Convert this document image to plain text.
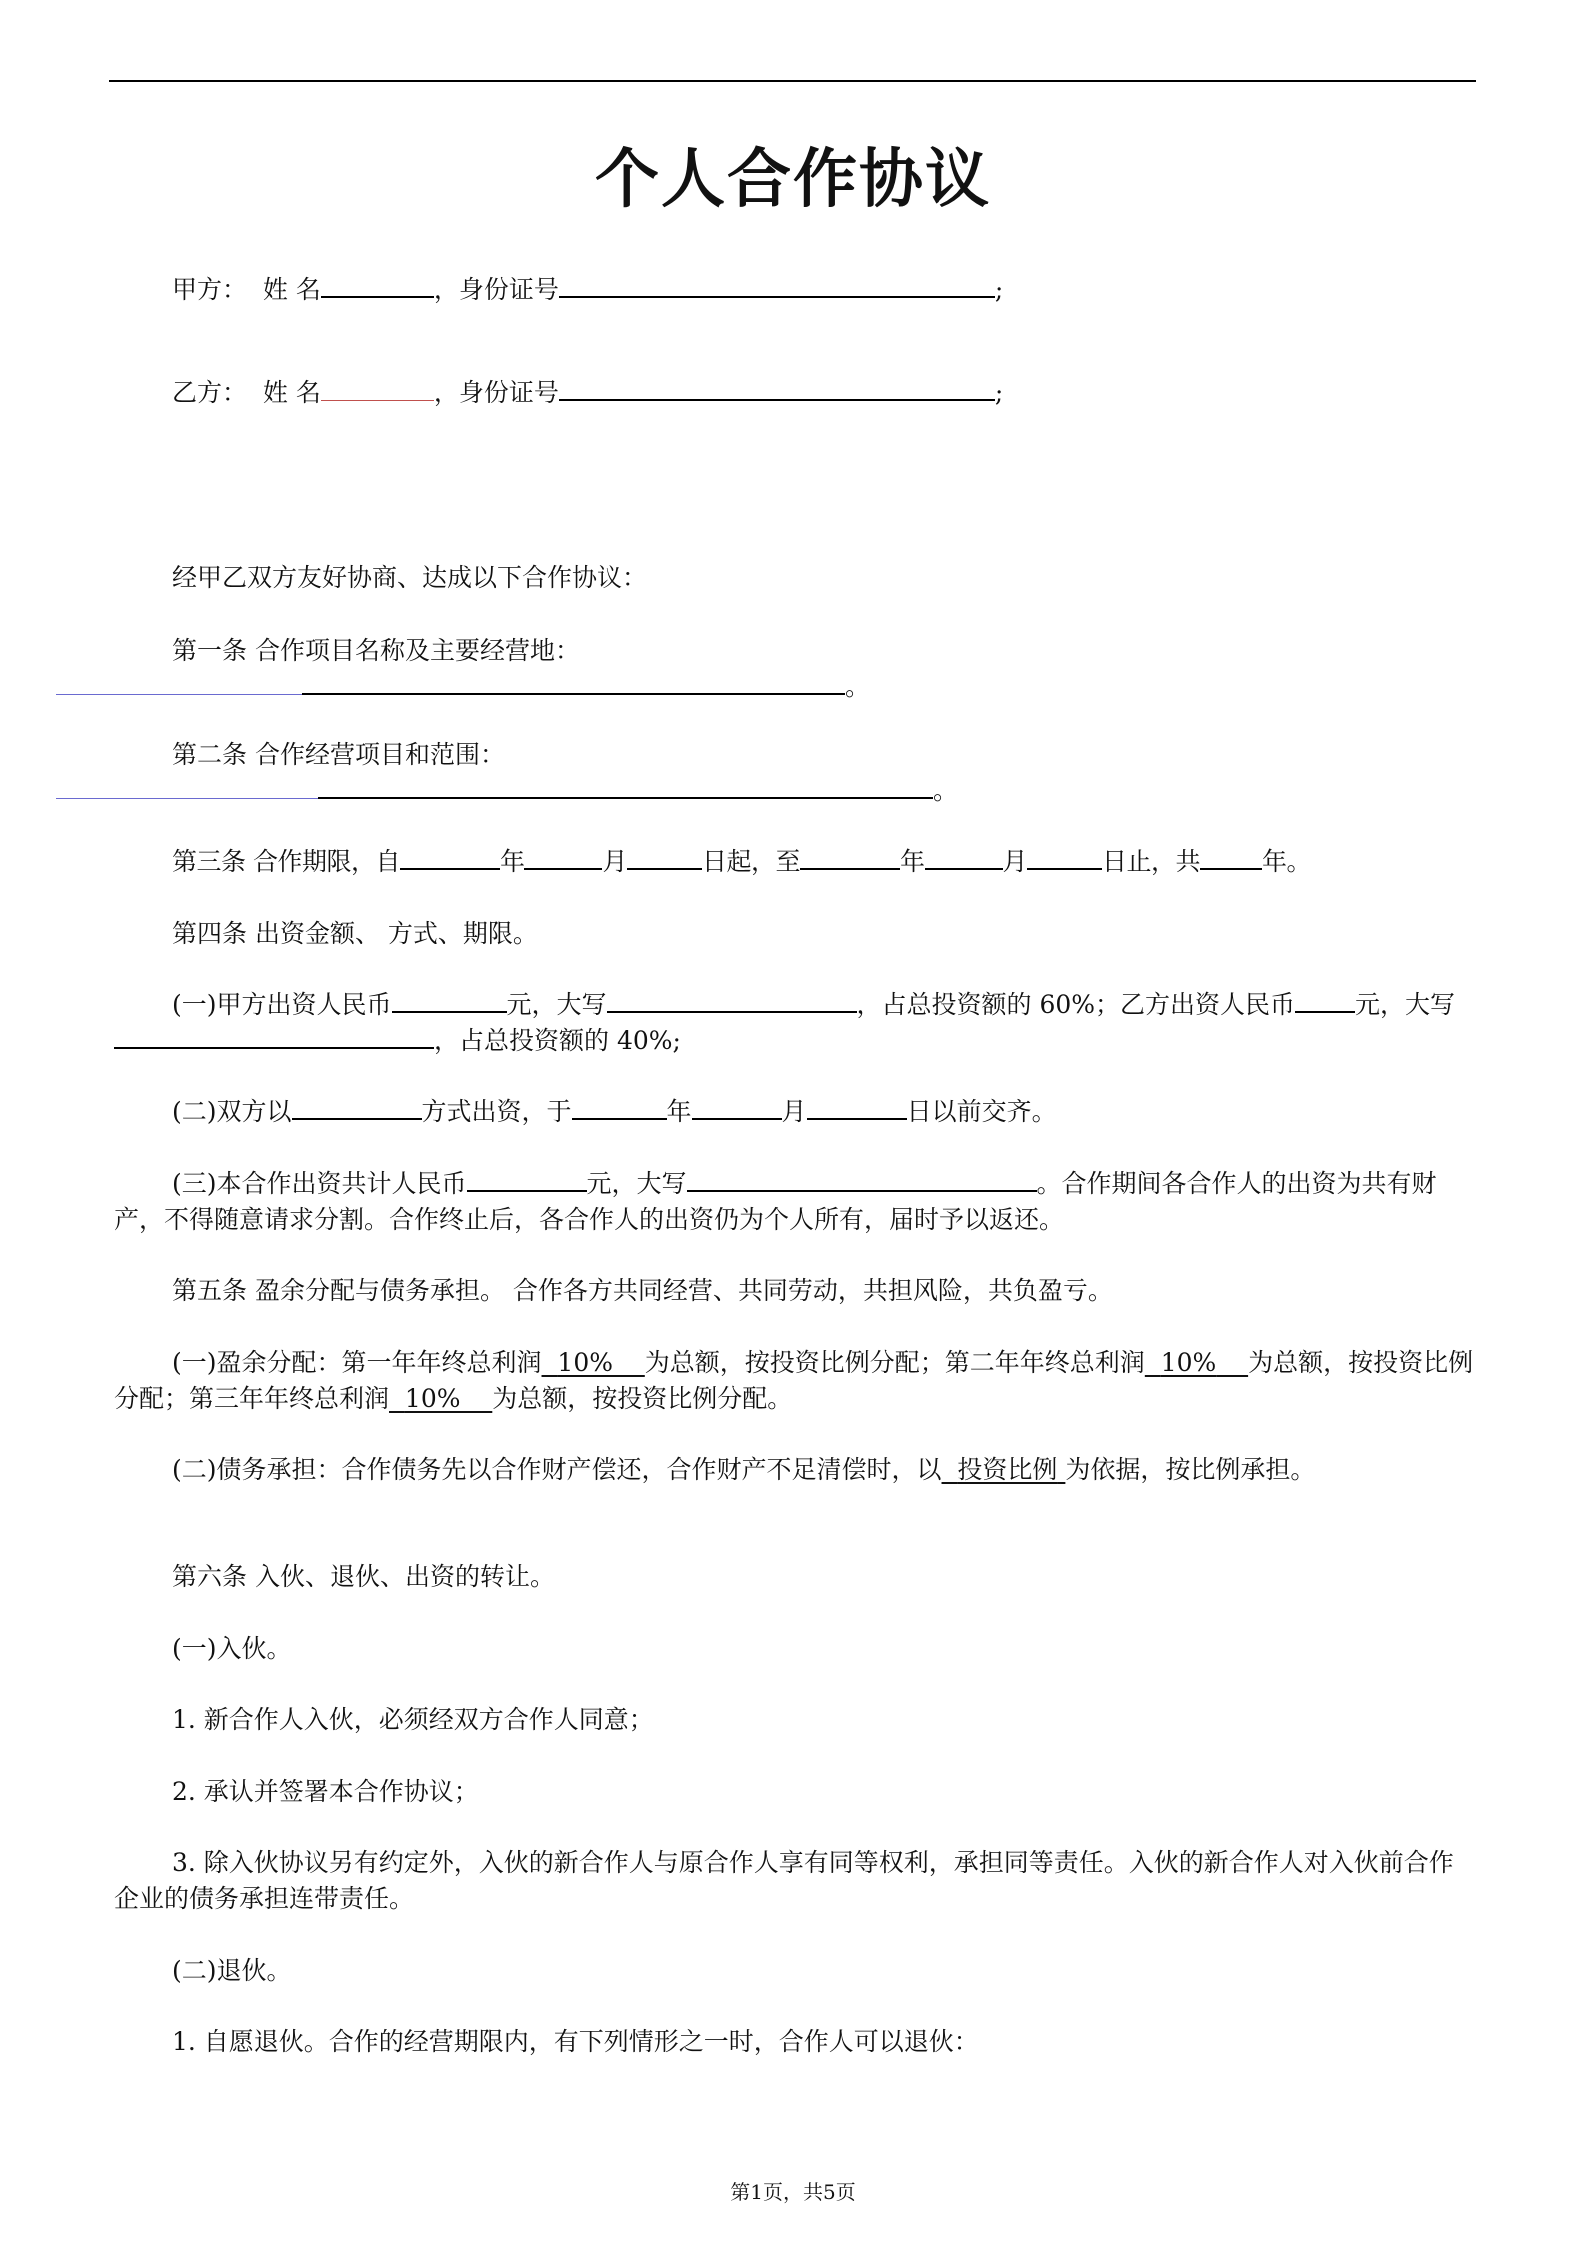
个人合作协议
甲方： 姓 名	，身份证号	;
乙方： 姓 名	，身份证号	;
经甲乙双方友好协商、达成以下合作协议：
第一条 合作项目名称及主要经营地：
。
第二条 合作经营项目和范围：
。
第三条 合作期限，自	年	月	日起，至	年	月	日止，共 年。
第四条 出资金额、 方式、期限。
(一)甲方出资人民币	元，大写	，占总投资额的 60%；乙方出资人民币 元，大写，占总投资额的 40%;
(二)双方以	方式出资，于	年	月	日以前交齐。
(三)本合作出资共计人民币	元，大写	。合作期间各合作人的出资为共有财产，不得随意请求分割。合作终止后，各合作人的出资仍为个人所有，届时予以返还。
第五条 盈余分配与债务承担。 合作各方共同经营、共同劳动，共担风险，共负盈亏。
(一)盈余分配：第一年年终总利润 10% 为总额，按投资比例分配；第二年年终总利润 10% 为总额，按投资比例分配；第三年年终总利润 10% 为总额，按投资比例分配。
(二)债务承担：合作债务先以合作财产偿还，合作财产不足清偿时，以 投资比例 为依据，按比例承担。
第六条 入伙、退伙、出资的转让。
(一)入伙。
1. 新合作人入伙，必须经双方合作人同意；
2. 承认并签署本合作协议；
3. 除入伙协议另有约定外，入伙的新合作人与原合作人享有同等权利，承担同等责任。入伙的新合作人对入伙前合作企业的债务承担连带责任。
(二)退伙。
1. 自愿退伙。合作的经营期限内，有下列情形之一时，合作人可以退伙：
第1页，共5页
